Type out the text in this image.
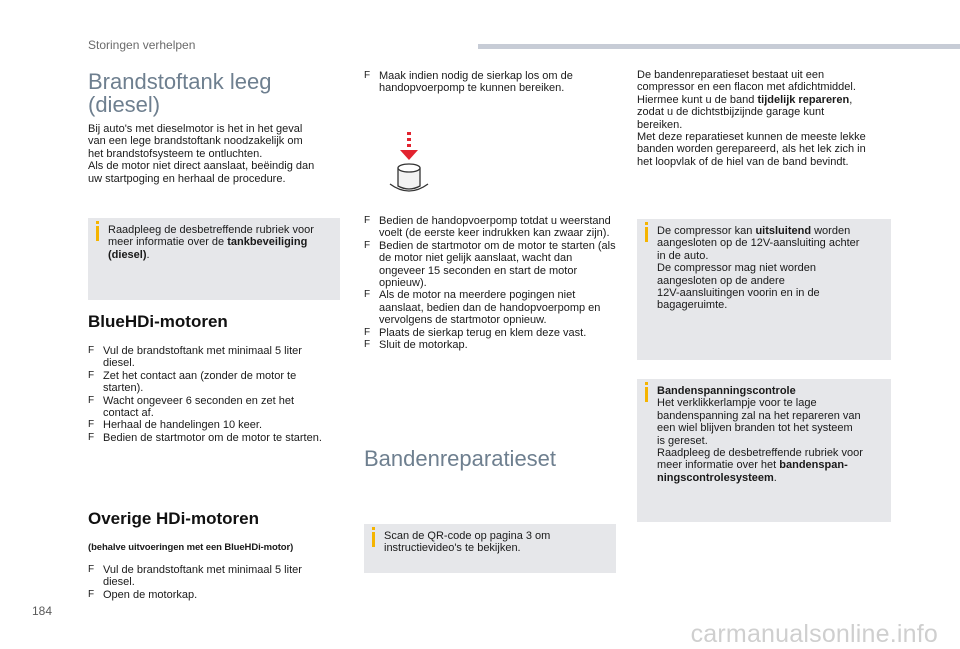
Storingen verhelpen
Brandstoftank leeg
(diesel)
Bij auto's met dieselmotor is het in het geval
van een lege brandstoftank noodzakelijk om
het brandstofsysteem te ontluchten.
Als de motor niet direct aanslaat, beëindig dan
uw startpoging en herhaal de procedure.
Raadpleeg de desbetreffende rubriek voor
meer informatie over de tankbeveiliging
(diesel).
BlueHDi-motoren
F Vul de brandstoftank met minimaal 5 liter diesel.
F Zet het contact aan (zonder de motor te starten).
F Wacht ongeveer 6 seconden en zet het contact af.
F Herhaal de handelingen 10 keer.
F Bedien de startmotor om de motor te starten.
Overige HDi-motoren
(behalve uitvoeringen met een BlueHDi-motor)
F Vul de brandstoftank met minimaal 5 liter diesel.
F Open de motorkap.
F Maak indien nodig de sierkap los om de handopvoerpomp te kunnen bereiken.
F Bedien de handopvoerpomp totdat u weerstand voelt (de eerste keer indrukken kan zwaar zijn).
F Bedien de startmotor om de motor te starten (als de motor niet gelijk aanslaat, wacht dan ongeveer 15 seconden en start de motor opnieuw).
F Als de motor na meerdere pogingen niet aanslaat, bedien dan de handopvoerpomp en vervolgens de startmotor opnieuw.
F Plaats de sierkap terug en klem deze vast.
F Sluit de motorkap.
Bandenreparatieset
Scan de QR-code op pagina 3 om
instructievideo's te bekijken.
De bandenreparatieset bestaat uit een
compressor en een flacon met afdichtmiddel.
Hiermee kunt u de band tijdelijk repareren,
zodat u de dichtstbijzijnde garage kunt
bereiken.
Met deze reparatieset kunnen de meeste lekke
banden worden gerepareerd, als het lek zich in
het loopvlak of de hiel van de band bevindt.
De compressor kan uitsluitend worden
aangesloten op de 12V-aansluiting achter
in de auto.
De compressor mag niet worden
aangesloten op de andere
12V-aansluitingen voorin en in de
bagageruimte.
Bandenspanningscontrole
Het verklikkerlampje voor te lage
bandenspanning zal na het repareren van
een wiel blijven branden tot het systeem
is gereset.
Raadpleeg de desbetreffende rubriek voor
meer informatie over het bandenspan-
ningscontrolesysteem.
184
carmanualsonline.info
